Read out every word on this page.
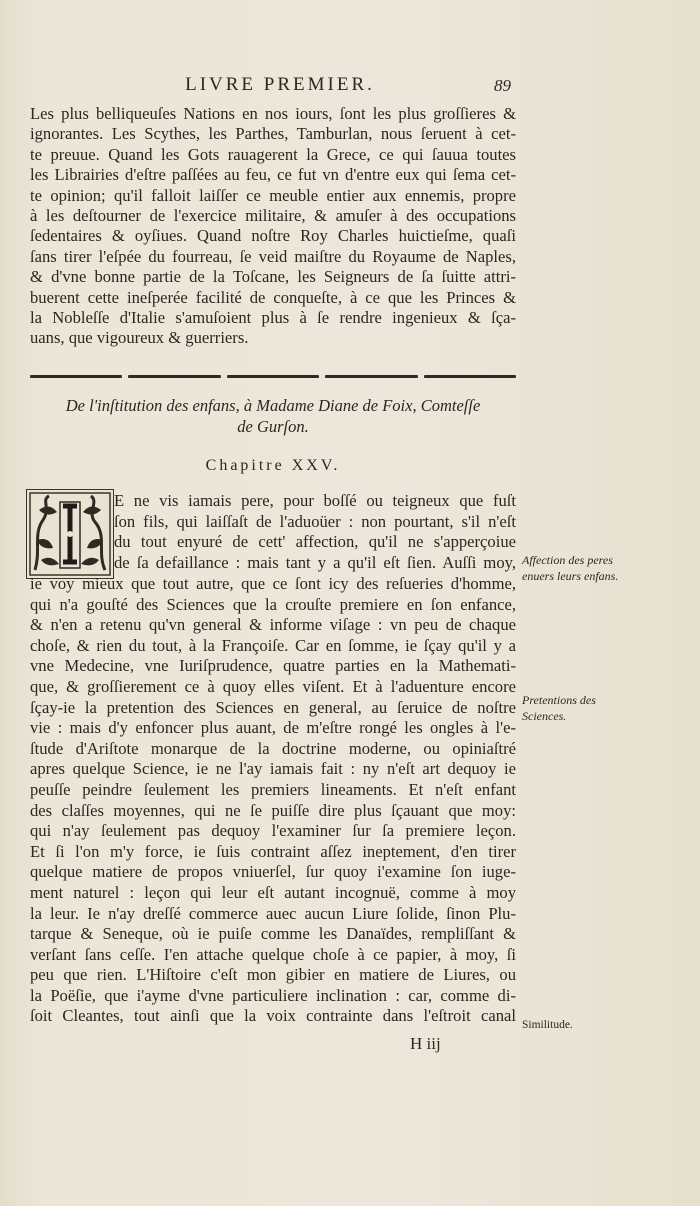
LIVRE PREMIER.	89
Les plus belliqueuſes Nations en nos iours, ſont les plus groſſieres &
ignorantes. Les Scythes, les Parthes, Tamburlan, nous ſeruent à cet-
te preuue. Quand les Gots rauagerent la Grece, ce qui ſauua toutes
les Librairies d'eſtre paſſées au feu, ce fut vn d'entre eux qui ſema cet-
te opinion; qu'il falloit laiſſer ce meuble entier aux ennemis, propre
à les deſtourner de l'exercice militaire, & amuſer à des occupations
ſedentaires & oyſiues. Quand noſtre Roy Charles huictieſme, quaſi
ſans tirer l'eſpée du fourreau, ſe veid maiſtre du Royaume de Naples,
& d'vne bonne partie de la Toſcane, les Seigneurs de ſa ſuitte attri-
buerent cette ineſperée facilité de conqueſte, à ce que les Princes &
la Nobleſſe d'Italie s'amuſoient plus à ſe rendre ingenieux & ſça-
uans, que vigoureux & guerriers.
De l'inſtitution des enfans, à Madame Diane de Foix, Comteſſe
de Gurſon.
Chapitre XXV.
E ne vis iamais pere, pour boſſé ou teigneux que fuſt
ſon fils, qui laiſſaſt de l'aduoüer : non pourtant, s'il n'eſt
du tout enyuré de cett' affection, qu'il ne s'apperçoiue
de ſa defaillance : mais tant y a qu'il eſt ſien. Auſſi moy,
ie voy mieux que tout autre, que ce ſont icy des reſueries d'homme,
qui n'a gouſté des Sciences que la crouſte premiere en ſon enfance,
& n'en a retenu qu'vn general & informe viſage : vn peu de chaque
choſe, & rien du tout, à la Françoiſe. Car en ſomme, ie ſçay qu'il y a
vne Medecine, vne Iuriſprudence, quatre parties en la Mathemati-
que, & groſſierement ce à quoy elles viſent. Et à l'aduenture encore
ſçay-ie la pretention des Sciences en general, au ſeruice de noſtre
vie : mais d'y enfoncer plus auant, de m'eſtre rongé les ongles à l'e-
ſtude d'Ariſtote monarque de la doctrine moderne, ou opiniaſtré
apres quelque Science, ie ne l'ay iamais fait : ny n'eſt art dequoy ie
peuſſe peindre ſeulement les premiers lineaments. Et n'eſt enfant
des claſſes moyennes, qui ne ſe puiſſe dire plus ſçauant que moy:
qui n'ay ſeulement pas dequoy l'examiner ſur ſa premiere leçon.
Et ſi l'on m'y force, ie ſuis contraint aſſez ineptement, d'en tirer
quelque matiere de propos vniuerſel, ſur quoy i'examine ſon iuge-
ment naturel : leçon qui leur eſt autant incognuë, comme à moy
la leur. Ie n'ay dreſſé commerce auec aucun Liure ſolide, ſinon Plu-
tarque & Seneque, où ie puiſe comme les Danaïdes, rempliſſant &
verſant ſans ceſſe. I'en attache quelque choſe à ce papier, à moy, ſi
peu que rien. L'Hiſtoire c'eſt mon gibier en matiere de Liures, ou
la Poëſie, que i'ayme d'vne particuliere inclination : car, comme di-
ſoit Cleantes, tout ainſi que la voix contrainte dans l'eſtroit canal
Affection des peres
enuers leurs enfans.
Pretentions des
Sciences.
Similitude.
H iij
